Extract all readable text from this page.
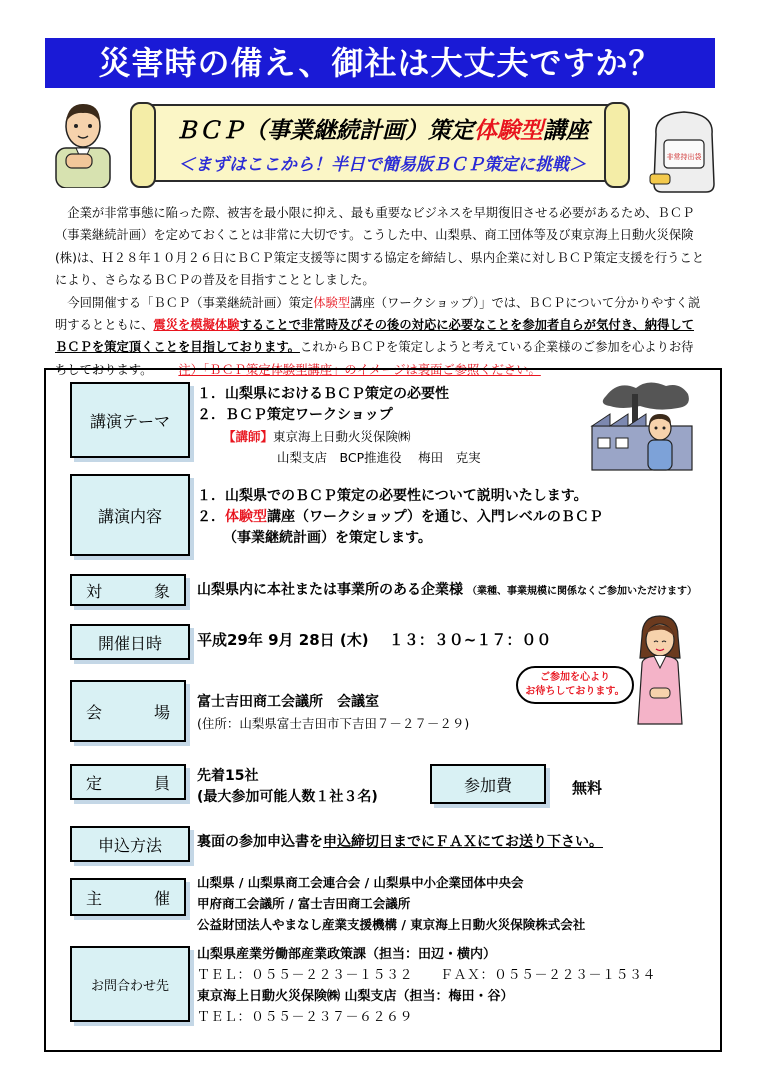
災害時の備え、御社は大丈夫ですか？
ＢＣＰ（事業継続計画）策定体験型講座
＜まずはここから！半日で簡易版ＢＣＰ策定に挑戦＞	非常持出袋

企業が非常事態に陥った際、被害を最小限に抑え、最も重要なビジネスを早期復旧させる必要があるため、ＢＣＰ（事業継続計画）を定めておくことは非常に大切です。こうした中、山梨県、商工団体等及び東京海上日動火災保険(株)は、Ｈ２８年１０月２６日にＢＣＰ策定支援等に関する協定を締結し、県内企業に対しＢＣＰ策定支援を行うことにより、さらなるＢＣＰの普及を目指すこととしました。

今回開催する「ＢＣＰ（事業継続計画）策定体験型講座（ワークショップ）」では、ＢＣＰについて分かりやすく説明するとともに、震災を模擬体験することで非常時及びその後の対応に必要なことを参加者自らが気付き、納得してＢＣＰを策定頂くことを目指しております。これからＢＣＰを策定しようと考えている企業様のご参加を心よりお待ちしております。 注）「ＢＣＰ策定体験型講座」のイメージは裏面ご参照ください。

講演テーマ
１．山梨県におけるＢＣＰ策定の必要性
２．ＢＣＰ策定ワークショップ
【講師】東京海上日動火災保険㈱
山梨支店　BCP推進役　 梅田　克実
講演内容
１．山梨県でのＢＣＰ策定の必要性について説明いたします。
２．体験型講座（ワークショップ）を通じ、入門レベルのＢＣＰ
（事業継続計画）を策定します。
対	象 山梨県内に本社または事業所のある企業様 （業種、事業規模に関係なくご参加いただけます）
開催日時 平成29年 9月 28日 (木)　 １３：３０~１７：００
ご参加を心より
お待ちしております。
会	場
富士吉田商工会議所　会議室
(住所：山梨県富士吉田市下吉田７－２７－２９)
定	員 先着15社
(最大参加可能人数１社３名)
参加費	無料
申込方法	裏面の参加申込書を申込締切日までにＦＡＸにてお送り下さい。
主	催
山梨県 / 山梨県商工会連合会 / 山梨県中小企業団体中央会
甲府商工会議所 / 富士吉田商工会議所
公益財団法人やまなし産業支援機構 / 東京海上日動火災保険株式会社
お問合わせ先
山梨県産業労働部産業政策課（担当：田辺・横内）
ＴＥＬ：０５５－２２３－１５３２　　ＦＡＸ：０５５－２２３－１５３４
東京海上日動火災保険㈱ 山梨支店（担当：梅田・谷）
ＴＥＬ：０５５－２３７－６２６９
